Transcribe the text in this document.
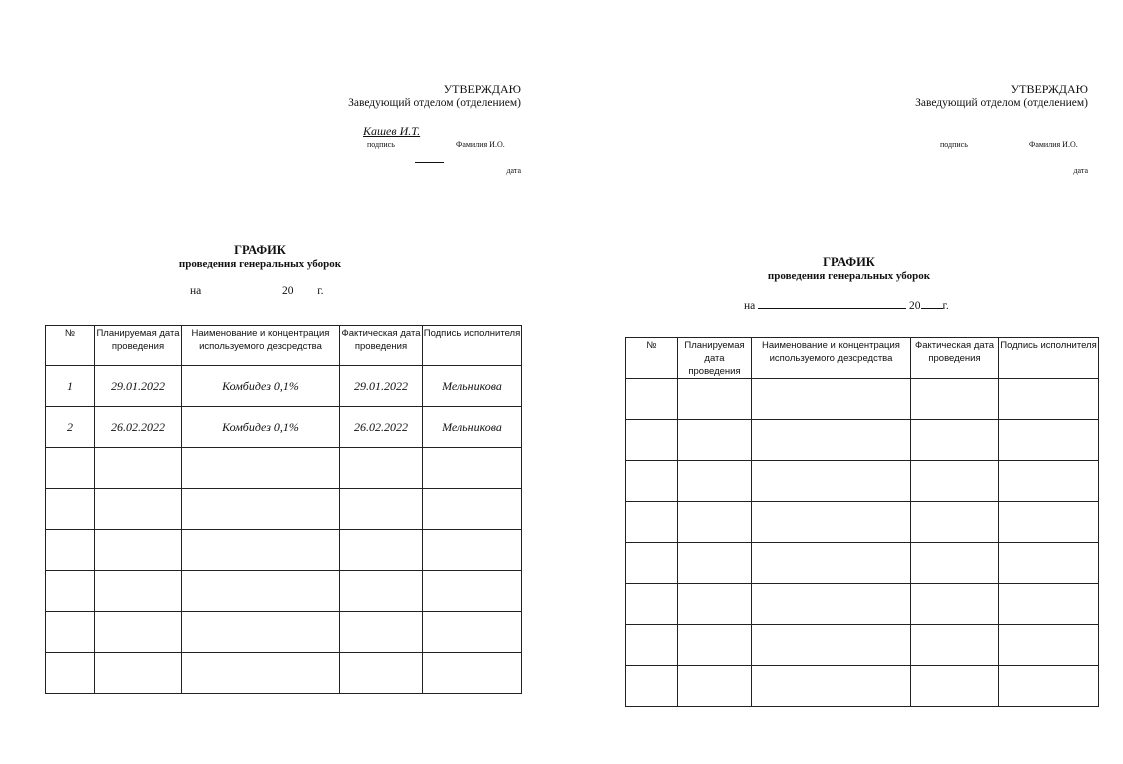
УТВЕРЖДАЮ
Заведующий отделом (отделением)
Кашев И.Т.
подпись	Фамилия И.О.
дата
ГРАФИК
проведения генеральных уборок
на	20 г.
№	Планируемая дата проведения	Наименование и концентрация используемого дезсредства	Фактическая дата проведения	Подпись исполнителя
1	29.01.2022	Комбидез 0,1%	29.01.2022	Мельникова
2	26.02.2022	Комбидез 0,1%	26.02.2022	Мельникова

УТВЕРЖДАЮ
Заведующий отделом (отделением)
подпись	Фамилия И.О.
дата
ГРАФИК
проведения генеральных уборок
на	20 г.
№	Планируемая дата проведения	Наименование и концентрация используемого дезсредства	Фактическая дата проведения	Подпись исполнителя
